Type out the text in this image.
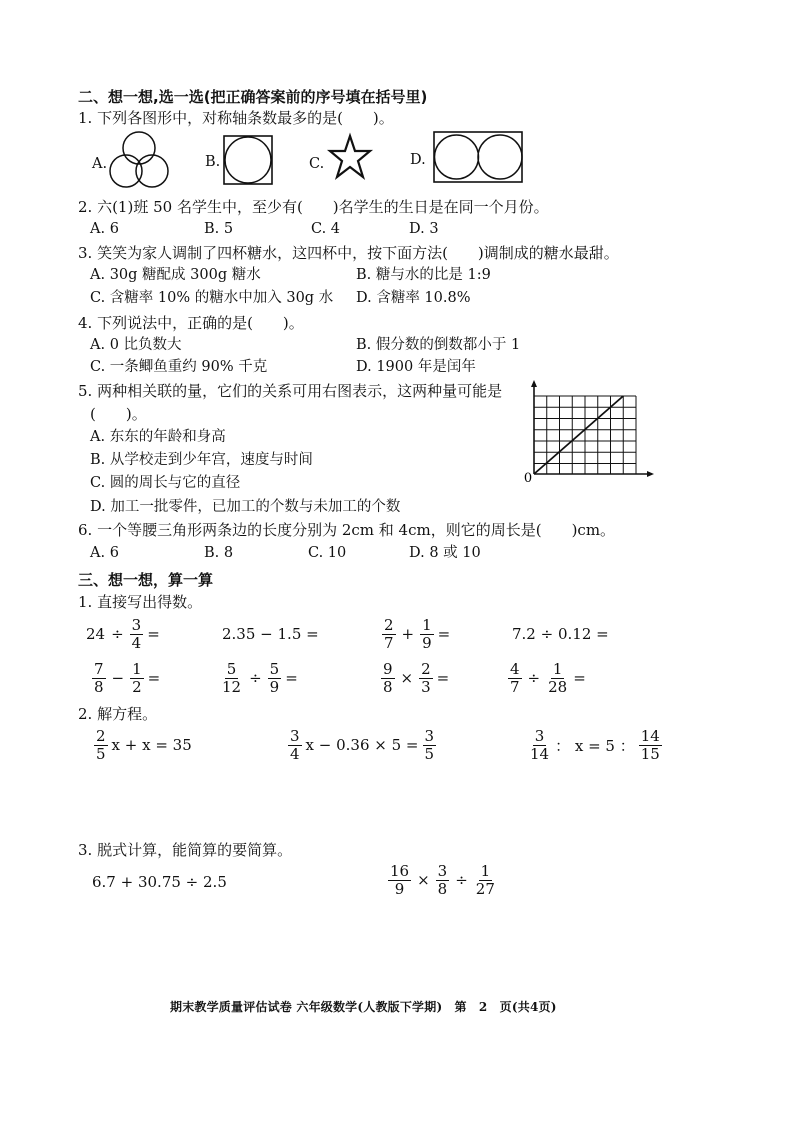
二、想一想,选一选(把正确答案前的序号填在括号里)
1. 下列各图形中，对称轴条数最多的是(　　)。
A.	B.	C.	D.
2. 六(1)班 50 名学生中，至少有(　　)名学生的生日是在同一个月份。
A. 6	B. 5	C. 4	D. 3
3. 笑笑为家人调制了四杯糖水，这四杯中，按下面方法(　　)调制成的糖水最甜。
A. 30g 糖配成 300g 糖水	B. 糖与水的比是 1:9
C. 含糖率 10% 的糖水中加入 30g 水 D. 含糖率 10.8%
4. 下列说法中，正确的是(　　)。
A. 0 比负数大	B. 假分数的倒数都小于 1
C. 一条鲫鱼重约 90% 千克	D. 1900 年是闰年
5. 两种相关联的量，它们的关系可用右图表示，这两种量可能是
(　　)。
A. 东东的年龄和身高
B. 从学校走到少年宫，速度与时间
C. 圆的周长与它的直径
D. 加工一批零件，已加工的个数与未加工的个数
0
6. 一个等腰三角形两条边的长度分别为 2cm 和 4cm，则它的周长是(　　)cm。
A. 6	B. 8	C. 10	D. 8 或 10
三、想一想，算一算
1. 直接写出得数。
$24 \div \frac{3}{4}$ =	2.35 − 1.5 =	$\frac{2}{7} + \frac{1}{9}$ =	7.2 ÷ 0.12 =
$\frac{7}{8} - \frac{1}{2}$ =	$\frac{5}{12} \div \frac{5}{9}$ =	$\frac{9}{8} \times \frac{2}{3}$ =	$\frac{4}{7} \div \frac{1}{28}$ =
2. 解方程。
$\frac{2}{5}$ x + x = 35	$\frac{3}{4}$ $x - 0.36 \times 5 = \frac{3}{5}$	$\frac{3}{14}$ ： x = 5 ： $\frac{14}{15}$
3. 脱式计算，能简算的要简算。
6.7 + 30.75 ÷ 2.5	$\frac{16}{9} \times \frac{3}{8} \div \frac{1}{27}$
期末教学质量评估试卷 六年级数学(人教版下学期)　第　2　页(共4页)
